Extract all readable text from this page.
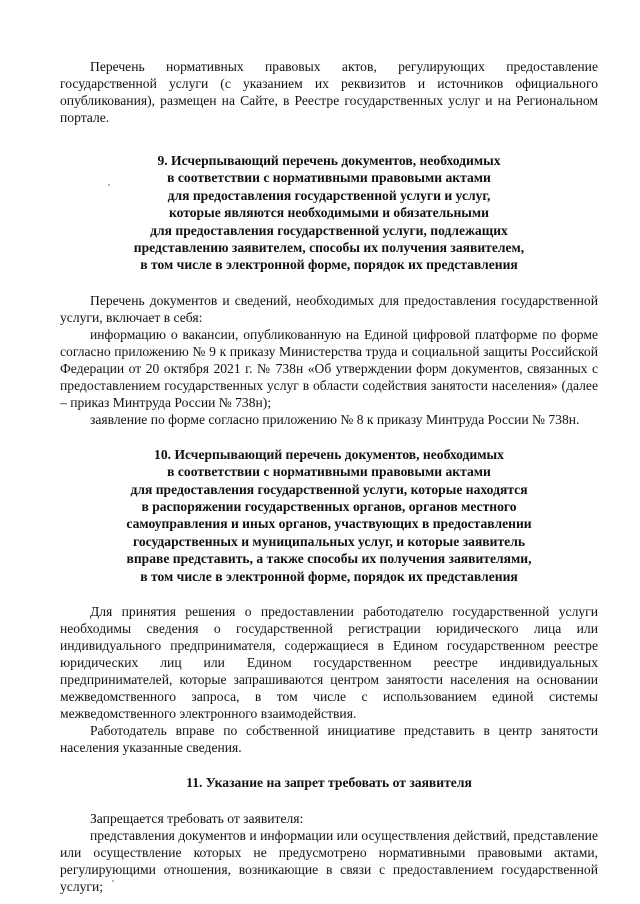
Перечень нормативных правовых актов, регулирующих предоставление государственной услуги (с указанием их реквизитов и источников официального опубликования), размещен на Сайте, в Реестре государственных услуг и на Региональном портале.

9. Исчерпывающий перечень документов, необходимых
в соответствии с нормативными правовыми актами
для предоставления государственной услуги и услуг,
которые являются необходимыми и обязательными
для предоставления государственной услуги, подлежащих
представлению заявителем, способы их получения заявителем,
в том числе в электронной форме, порядок их представления

Перечень документов и сведений, необходимых для предоставления государственной услуги, включает в себя:

информацию о вакансии, опубликованную на Единой цифровой платформе по форме согласно приложению № 9 к приказу Министерства труда и социальной защиты Российской Федерации от 20 октября 2021 г. № 738н «Об утверждении форм документов, связанных с предоставлением государственных услуг в области содействия занятости населения» (далее – приказ Минтруда России № 738н);

заявление по форме согласно приложению № 8 к приказу Минтруда России № 738н.

10. Исчерпывающий перечень документов, необходимых
в соответствии с нормативными правовыми актами
для предоставления государственной услуги, которые находятся
в распоряжении государственных органов, органов местного
самоуправления и иных органов, участвующих в предоставлении
государственных и муниципальных услуг, и которые заявитель
вправе представить, а также способы их получения заявителями,
в том числе в электронной форме, порядок их представления

Для принятия решения о предоставлении работодателю государственной услуги необходимы сведения о государственной регистрации юридического лица или индивидуального предпринимателя, содержащиеся в Едином государственном реестре юридических лиц или Едином государственном реестре индивидуальных предпринимателей, которые запрашиваются центром занятости населения на основании межведомственного запроса, в том числе с использованием единой системы межведомственного электронного взаимодействия.

Работодатель вправе по собственной инициативе представить в центр занятости населения указанные сведения.

11. Указание на запрет требовать от заявителя

Запрещается требовать от заявителя:

представления документов и информации или осуществления действий, представление или осуществление которых не предусмотрено нормативными правовыми актами, регулирующими отношения, возникающие в связи с предоставлением государственной услуги;
